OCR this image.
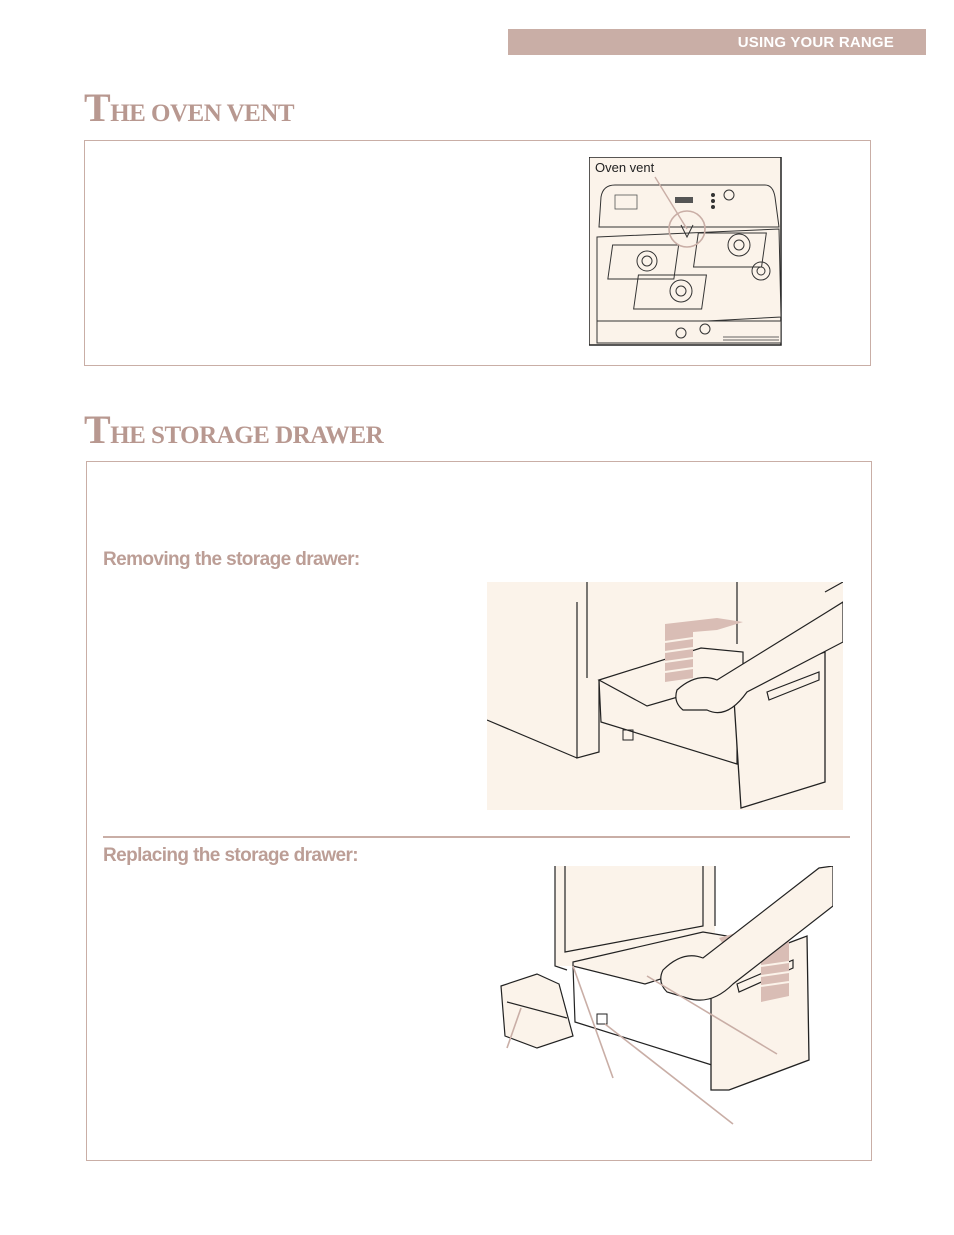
USING YOUR RANGE
THE OVEN VENT
Oven vent
THE STORAGE DRAWER
Removing the storage drawer:
Replacing the storage drawer:
